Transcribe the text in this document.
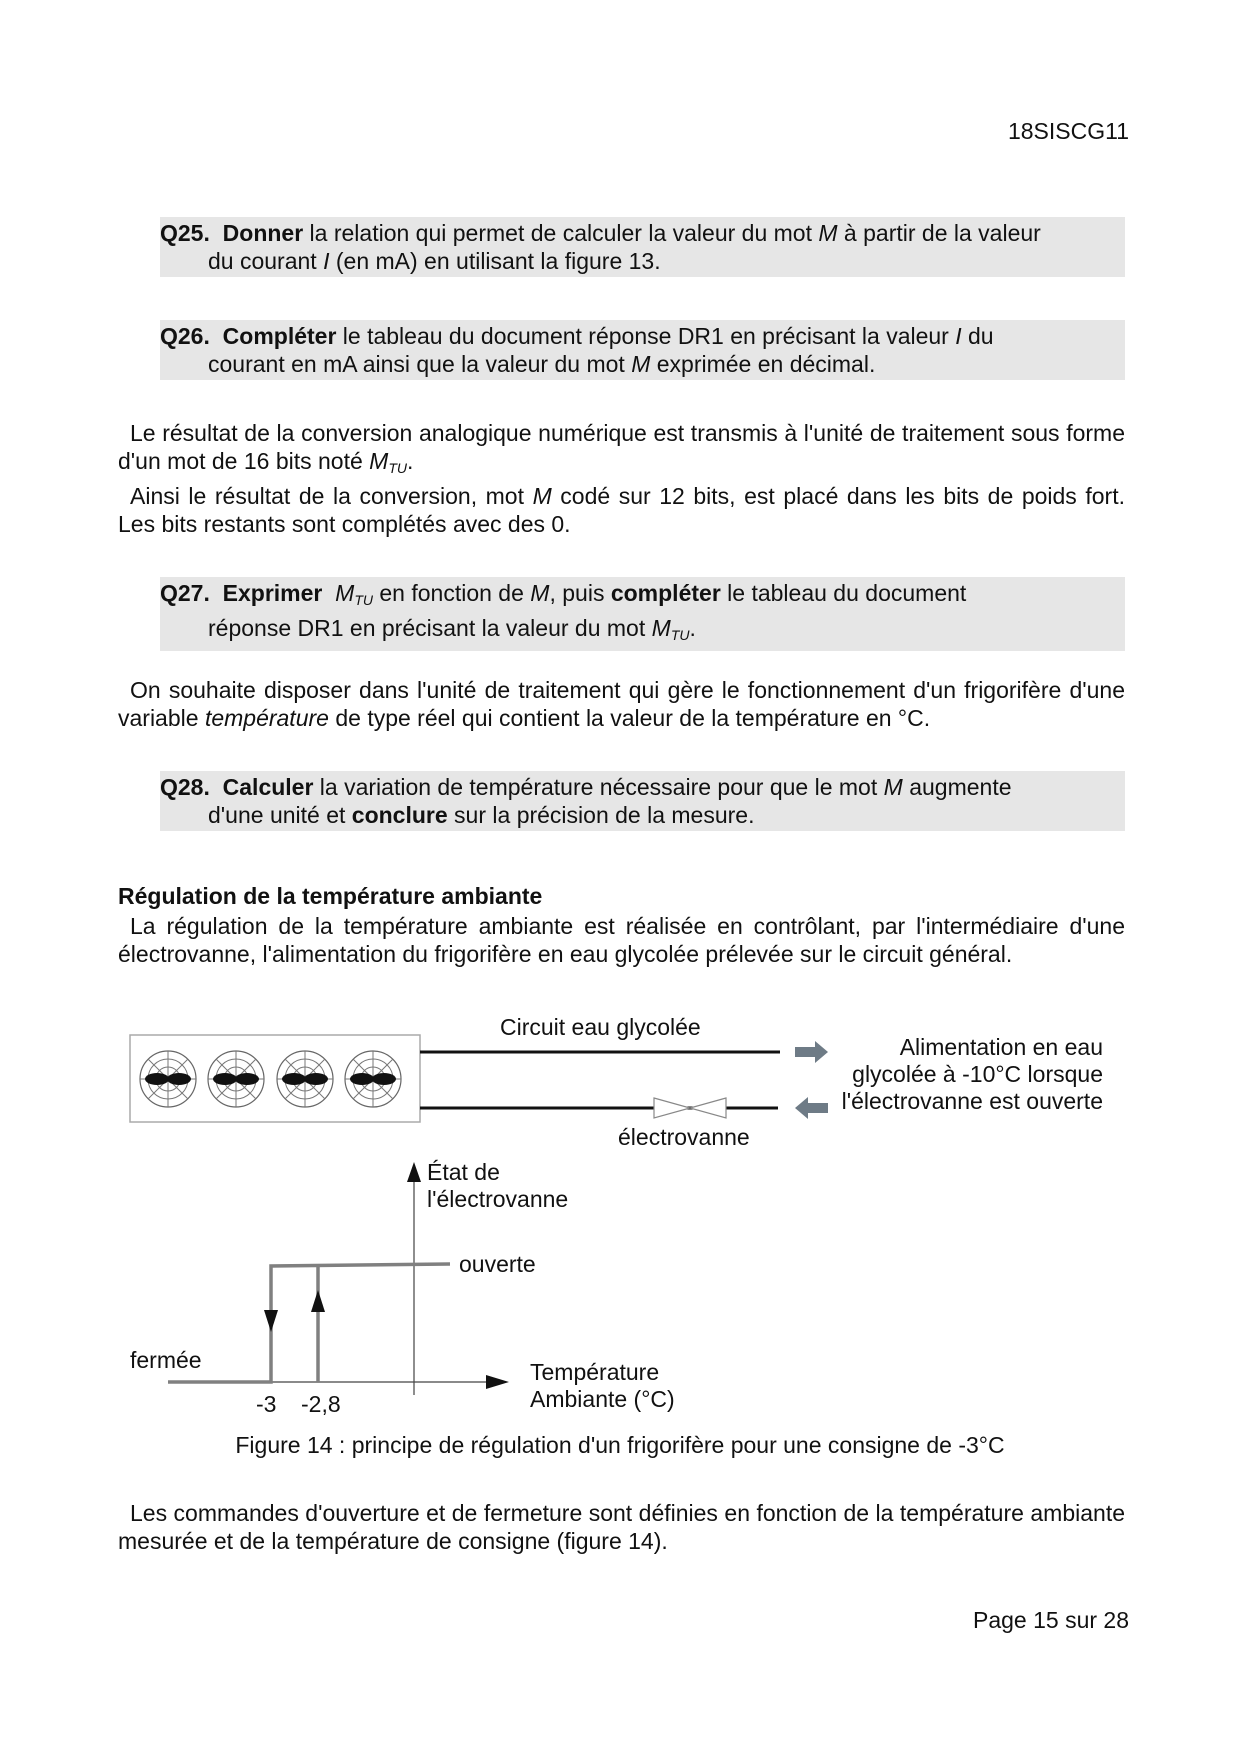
18SISCG11
Q25. Donner la relation qui permet de calculer la valeur du mot M à partir de la valeur
du courant I (en mA) en utilisant la figure 13.
Q26. Compléter le tableau du document réponse DR1 en précisant la valeur I du
courant en mA ainsi que la valeur du mot M exprimée en décimal.
Le résultat de la conversion analogique numérique est transmis à l'unité de traitement sous forme d'un mot de 16 bits noté $M_{TU}$.
Ainsi le résultat de la conversion, mot M codé sur 12 bits, est placé dans les bits de poids fort. Les bits restants sont complétés avec des 0.
Q27. Exprimer $M_{TU}$ en fonction de M, puis compléter le tableau du document
réponse DR1 en précisant la valeur du mot $M_{TU}$.
On souhaite disposer dans l'unité de traitement qui gère le fonctionnement d'un frigorifère d'une variable température de type réel qui contient la valeur de la température en °C.
Q28. Calculer la variation de température nécessaire pour que le mot M augmente
d'une unité et conclure sur la précision de la mesure.
Régulation de la température ambiante
La régulation de la température ambiante est réalisée en contrôlant, par l'intermédiaire d'une électrovanne, l'alimentation du frigorifère en eau glycolée prélevée sur le circuit général.
Circuit eau glycolée
électrovanne
Alimentation en eau
glycolée à -10°C lorsque
l'électrovanne est ouverte
État de
l'électrovanne
Température
Ambiante (°C)
ouverte
fermée
-3 -2,8
Figure 14 : principe de régulation d'un frigorifère pour une consigne de -3°C
Les commandes d'ouverture et de fermeture sont définies en fonction de la température ambiante mesurée et de la température de consigne (figure 14).
Page 15 sur 28
